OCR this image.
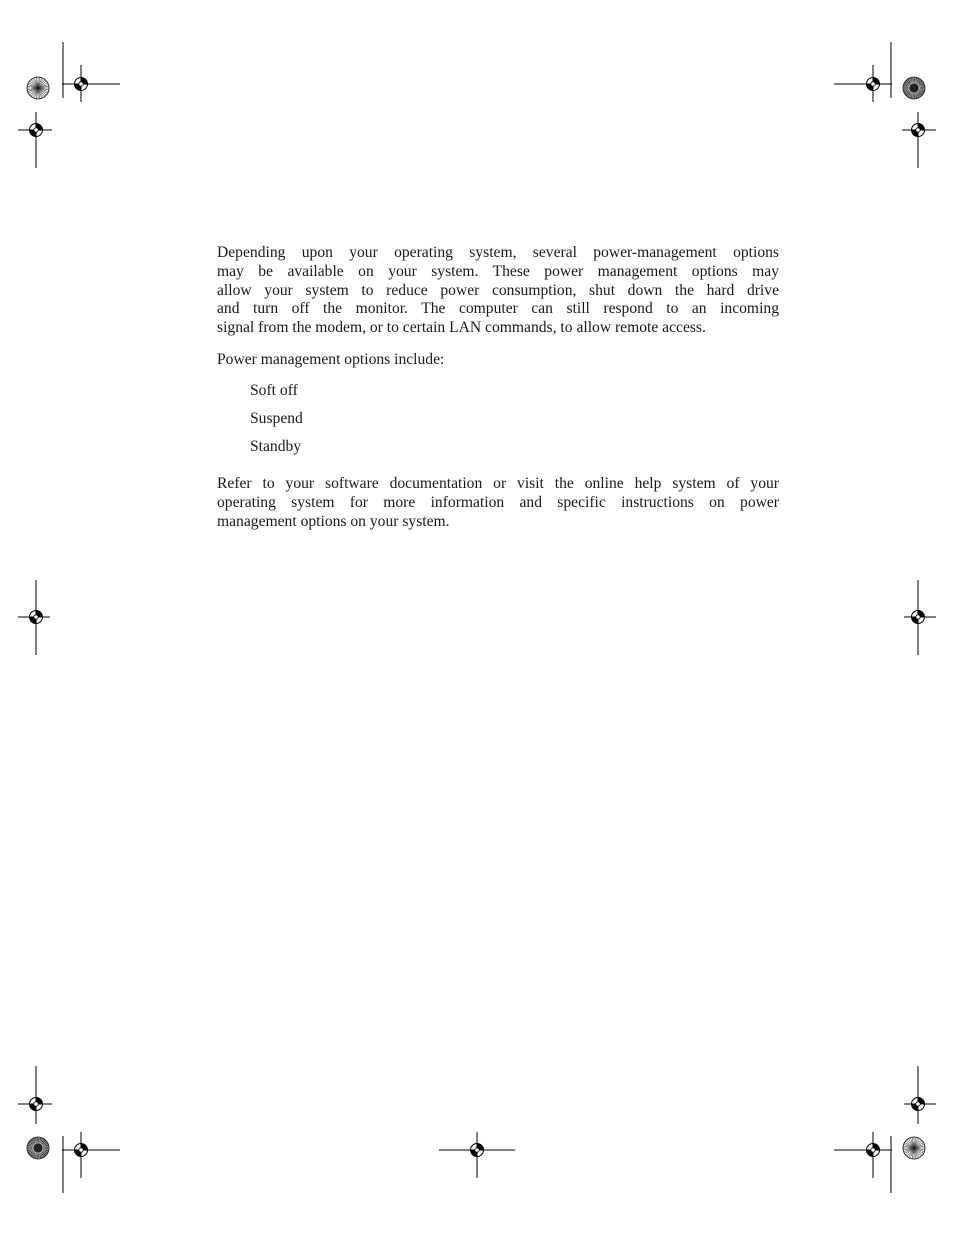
Depending upon your operating system, several power-management options
may be available on your system. These power management options may
allow your system to reduce power consumption, shut down the hard drive
and turn off the monitor. The computer can still respond to an incoming
signal from the modem, or to certain LAN commands, to allow remote access.
Power management options include:
Soft off
Suspend
Standby
Refer to your software documentation or visit the online help system of your
operating system for more information and specific instructions on power
management options on your system.
